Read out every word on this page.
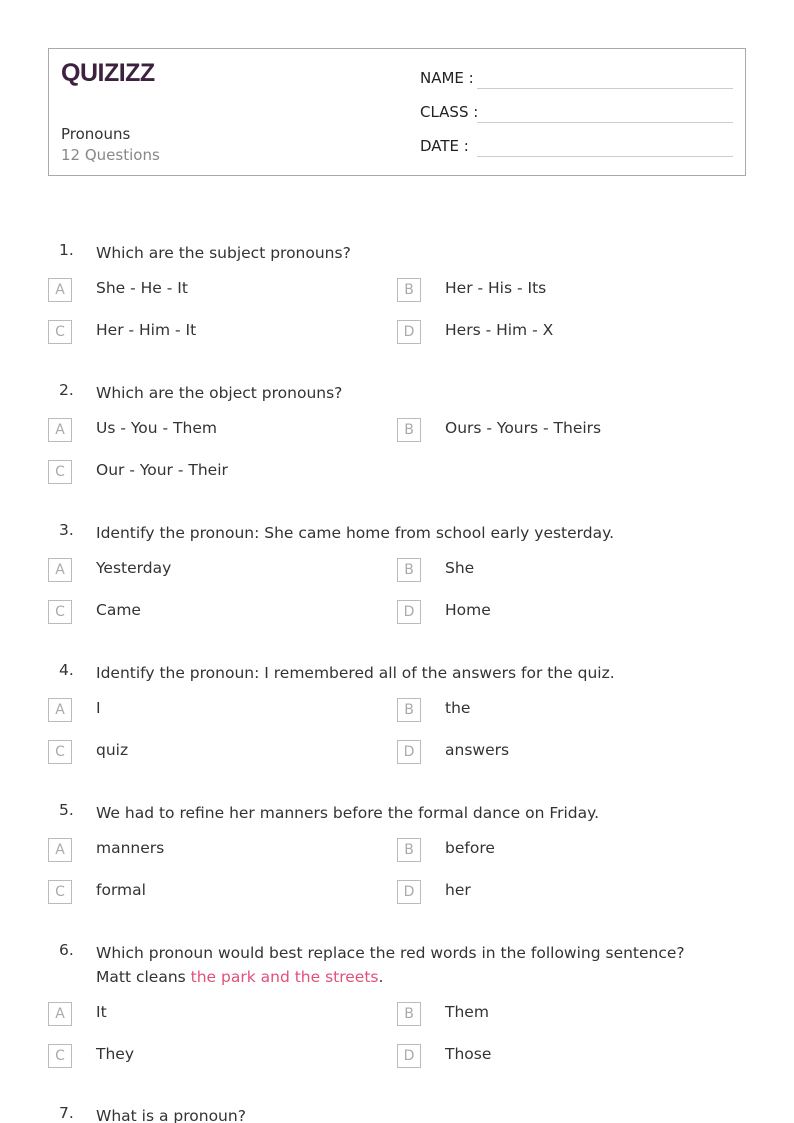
QUIZIZZ
Pronouns
12 Questions
NAME :
CLASS :
DATE :
1. Which are the subject pronouns?
A	She - He - It	B	Her - His - Its
C	Her - Him - It	D	Hers - Him - X
2. Which are the object pronouns?
A	Us - You - Them	B	Ours - Yours - Theirs
C	Our - Your - Their
3. Identify the pronoun: She came home from school early yesterday.
A	Yesterday	B	She
C	Came	D	Home
4. Identify the pronoun: I remembered all of the answers for the quiz.
A	I	B	the
C	quiz	D	answers
5. We had to refine her manners before the formal dance on Friday.
A	manners	B	before
C	formal	D	her
6. Which pronoun would best replace the red words in the following sentence?
Matt cleans the park and the streets.
A	It	B	Them
C	They	D	Those
7. What is a pronoun?
